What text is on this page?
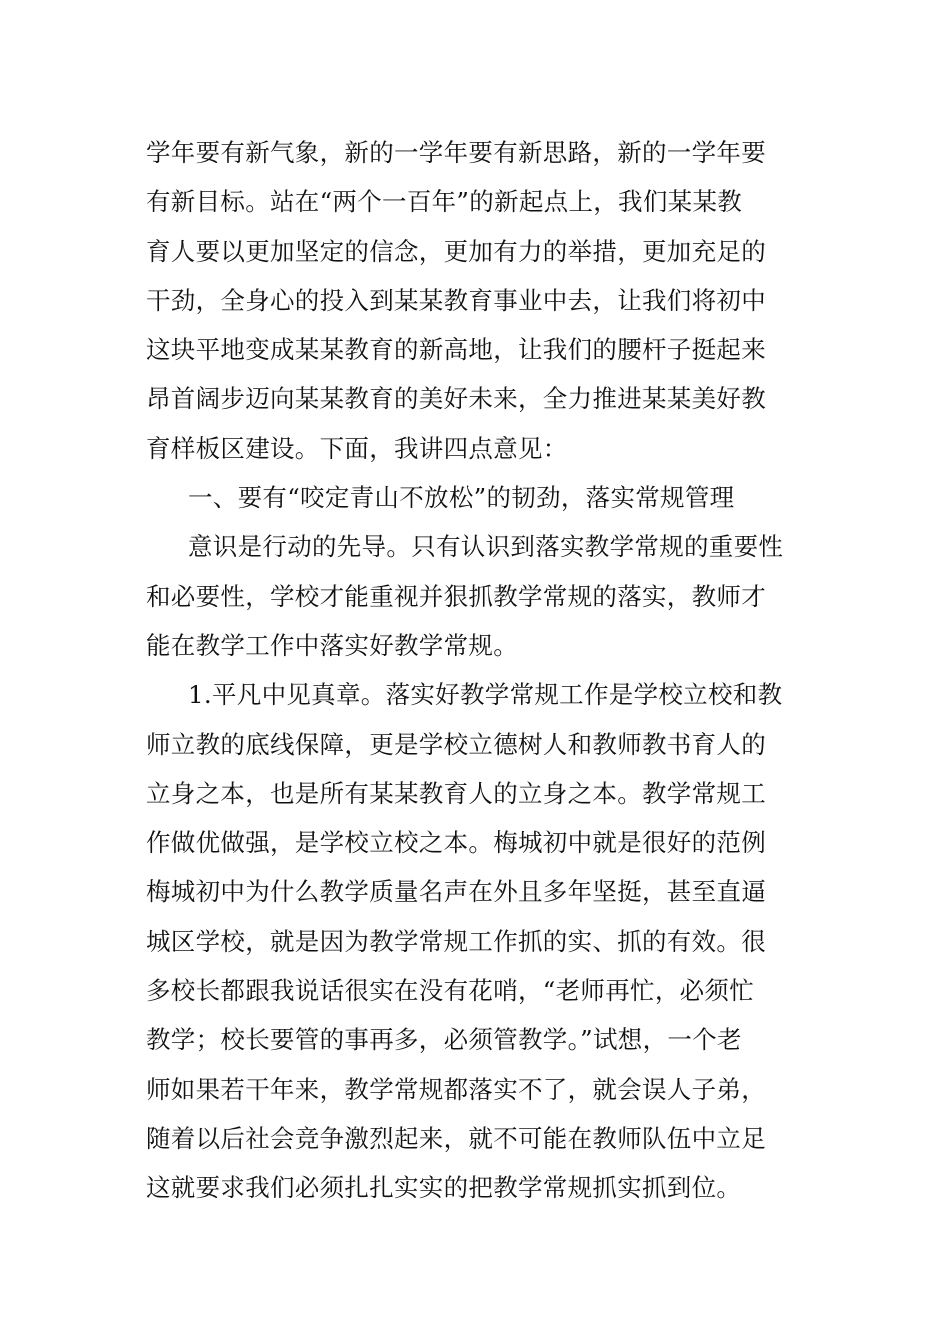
学年要有新气象，新的一学年要有新思路，新的一学年要
有新目标。站在“两个一百年”的新起点上，我们某某教
育人要以更加坚定的信念，更加有力的举措，更加充足的
干劲，全身心的投入到某某教育事业中去，让我们将初中
这块平地变成某某教育的新高地，让我们的腰杆子挺起来
昂首阔步迈向某某教育的美好未来，全力推进某某美好教
育样板区建设。下面，我讲四点意见：
一、要有“咬定青山不放松”的韧劲，落实常规管理
意识是行动的先导。只有认识到落实教学常规的重要性
和必要性，学校才能重视并狠抓教学常规的落实，教师才
能在教学工作中落实好教学常规。
1.平凡中见真章。落实好教学常规工作是学校立校和教
师立教的底线保障，更是学校立德树人和教师教书育人的
立身之本，也是所有某某教育人的立身之本。教学常规工
作做优做强，是学校立校之本。梅城初中就是很好的范例
梅城初中为什么教学质量名声在外且多年坚挺，甚至直逼
城区学校，就是因为教学常规工作抓的实、抓的有效。很
多校长都跟我说话很实在没有花哨，“老师再忙，必须忙
教学；校长要管的事再多，必须管教学。”试想，一个老
师如果若干年来，教学常规都落实不了，就会误人子弟，
随着以后社会竞争激烈起来，就不可能在教师队伍中立足
这就要求我们必须扎扎实实的把教学常规抓实抓到位。
